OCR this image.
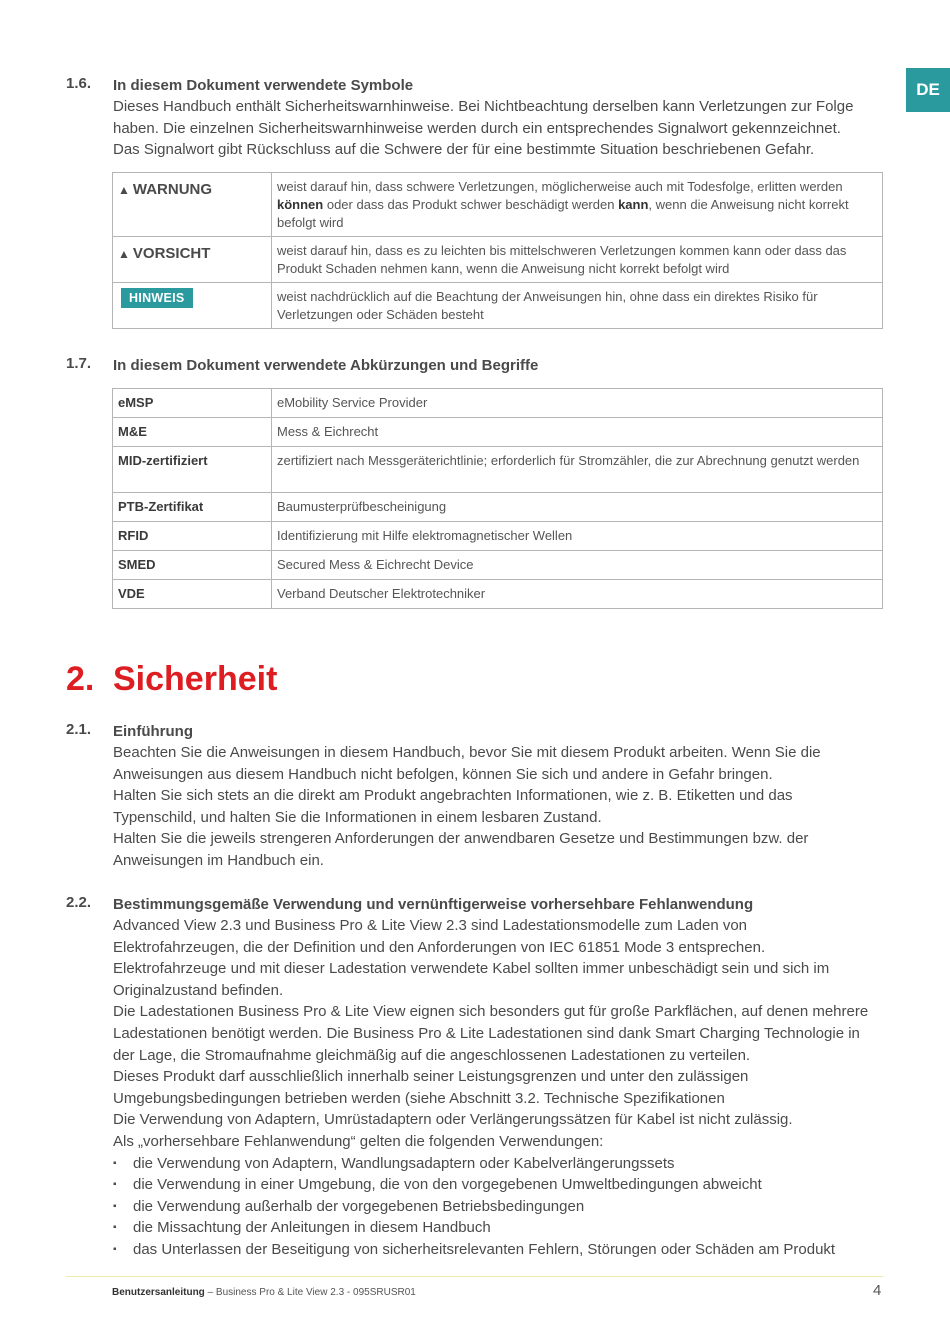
DE
1.6. In diesem Dokument verwendete Symbole
Dieses Handbuch enthält Sicherheitswarnhinweise. Bei Nichtbeachtung derselben kann Verletzungen zur Folge
haben. Die einzelnen Sicherheitswarnhinweise werden durch ein entsprechendes Signalwort gekennzeichnet.
Das Signalwort gibt Rückschluss auf die Schwere der für eine bestimmte Situation beschriebenen Gefahr.
▲ WARNUNG	weist darauf hin, dass schwere Verletzungen, möglicherweise auch mit Todesfolge, erlitten werden
können oder dass das Produkt schwer beschädigt werden kann, wenn die Anweisung nicht korrekt befolgt wird
▲ VORSICHT	weist darauf hin, dass es zu leichten bis mittelschweren Verletzungen kommen kann oder dass das Produkt Schaden nehmen kann, wenn die Anweisung nicht korrekt befolgt wird
HINWEIS	weist nachdrücklich auf die Beachtung der Anweisungen hin, ohne dass ein direktes Risiko für Verletzungen oder Schäden besteht
1.7. In diesem Dokument verwendete Abkürzungen und Begriffe
eMSP	eMobility Service Provider
M&E	Mess & Eichrecht
MID-zertifiziert	zertifiziert nach Messgeräterichtlinie; erforderlich für Stromzähler, die zur Abrechnung genutzt werden
PTB-Zertifikat	Baumusterprüfbescheinigung
RFID	Identifizierung mit Hilfe elektromagnetischer Wellen
SMED	Secured Mess & Eichrecht Device
VDE	Verband Deutscher Elektrotechniker
2. Sicherheit
2.1. Einführung
Beachten Sie die Anweisungen in diesem Handbuch, bevor Sie mit diesem Produkt arbeiten. Wenn Sie die
Anweisungen aus diesem Handbuch nicht befolgen, können Sie sich und andere in Gefahr bringen.
Halten Sie sich stets an die direkt am Produkt angebrachten Informationen, wie z. B. Etiketten und das
Typenschild, und halten Sie die Informationen in einem lesbaren Zustand.
Halten Sie die jeweils strengeren Anforderungen der anwendbaren Gesetze und Bestimmungen bzw. der
Anweisungen im Handbuch ein.
2.2. Bestimmungsgemäße Verwendung und vernünftigerweise vorhersehbare Fehlanwendung
Advanced View 2.3 und Business Pro & Lite View 2.3 sind Ladestationsmodelle zum Laden von
Elektrofahrzeugen, die der Definition und den Anforderungen von IEC 61851 Mode 3 entsprechen.
Elektrofahrzeuge und mit dieser Ladestation verwendete Kabel sollten immer unbeschädigt sein und sich im
Originalzustand befinden.
Die Ladestationen Business Pro & Lite View eignen sich besonders gut für große Parkflächen, auf denen mehrere
Ladestationen benötigt werden. Die Business Pro & Lite Ladestationen sind dank Smart Charging Technologie in
der Lage, die Stromaufnahme gleichmäßig auf die angeschlossenen Ladestationen zu verteilen.
Dieses Produkt darf ausschließlich innerhalb seiner Leistungsgrenzen und unter den zulässigen
Umgebungsbedingungen betrieben werden (siehe Abschnitt 3.2. Technische Spezifikationen
Die Verwendung von Adaptern, Umrüstadaptern oder Verlängerungssätzen für Kabel ist nicht zulässig.
Als „vorhersehbare Fehlanwendung“ gelten die folgenden Verwendungen:
▪ die Verwendung von Adaptern, Wandlungsadaptern oder Kabelverlängerungssets
▪ die Verwendung in einer Umgebung, die von den vorgegebenen Umweltbedingungen abweicht
▪ die Verwendung außerhalb der vorgegebenen Betriebsbedingungen
▪ die Missachtung der Anleitungen in diesem Handbuch
▪ das Unterlassen der Beseitigung von sicherheitsrelevanten Fehlern, Störungen oder Schäden am Produkt
Benutzersanleitung – Business Pro & Lite View 2.3 - 095SRUSR01	4
